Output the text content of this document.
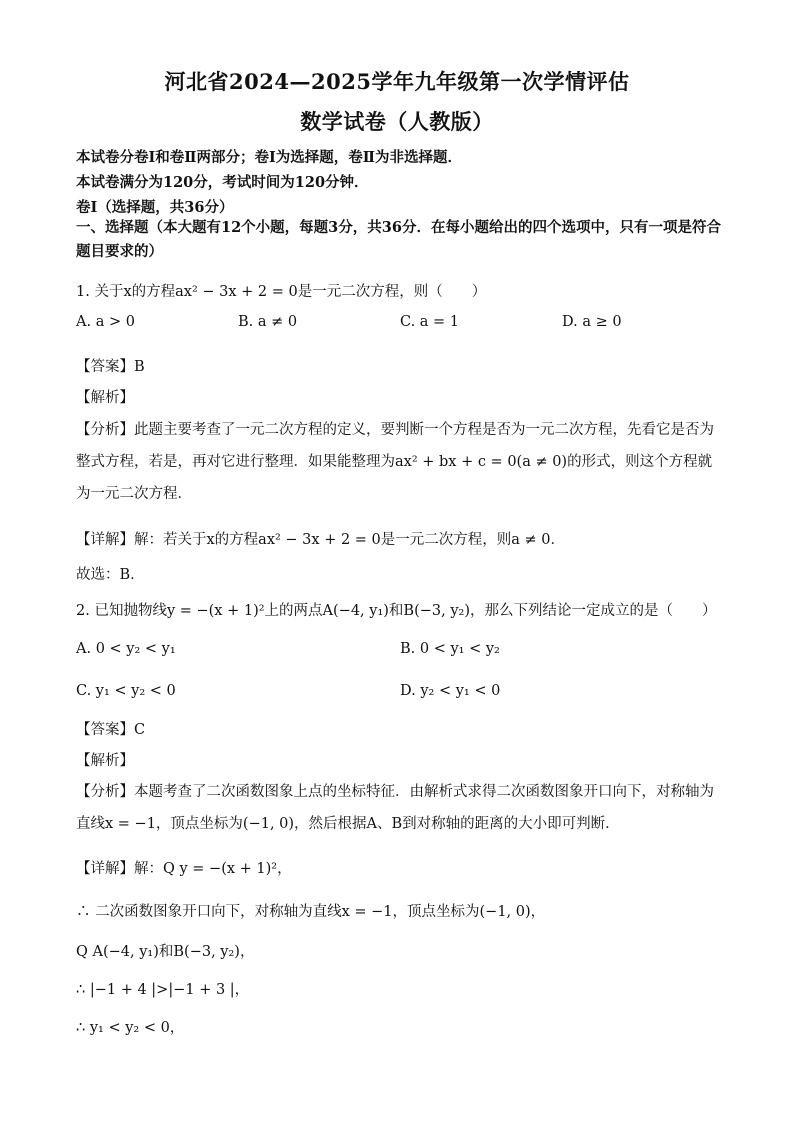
河北省2024—2025学年九年级第一次学情评估
数学试卷（人教版）
本试卷分卷Ⅰ和卷Ⅱ两部分；卷Ⅰ为选择题，卷Ⅱ为非选择题．
本试卷满分为120分，考试时间为120分钟．
卷Ⅰ（选择题，共36分）
一、选择题（本大题有12个小题，每题3分，共36分．在每小题给出的四个选项中，只有一项是符合题目要求的）
1. 关于x的方程ax² − 3x + 2 = 0是一元二次方程，则（　　）
A. a > 0	B. a ≠ 0	C. a = 1	D. a ≥ 0
【答案】B
【解析】
【分析】此题主要考查了一元二次方程的定义，要判断一个方程是否为一元二次方程，先看它是否为整式方程，若是，再对它进行整理．如果能整理为ax² + bx + c = 0(a ≠ 0)的形式，则这个方程就为一元二次方程．
【详解】解：若关于x的方程ax² − 3x + 2 = 0是一元二次方程，则a ≠ 0．
故选：B．
2. 已知抛物线y = −(x + 1)²上的两点A(−4, y₁)和B(−3, y₂)，那么下列结论一定成立的是（　　）
A. 0 < y₂ < y₁	B. 0 < y₁ < y₂
C. y₁ < y₂ < 0	D. y₂ < y₁ < 0
【答案】C
【解析】
【分析】本题考查了二次函数图象上点的坐标特征．由解析式求得二次函数图象开口向下，对称轴为直线x = −1，顶点坐标为(−1, 0)，然后根据A、B到对称轴的距离的大小即可判断．
【详解】解：Q y = −(x + 1)²，
∴ 二次函数图象开口向下，对称轴为直线x = −1，顶点坐标为(−1, 0)，
Q A(−4, y₁)和B(−3, y₂)，
∴ |−1 + 4 |>|−1 + 3 |，
∴ y₁ < y₂ < 0，
